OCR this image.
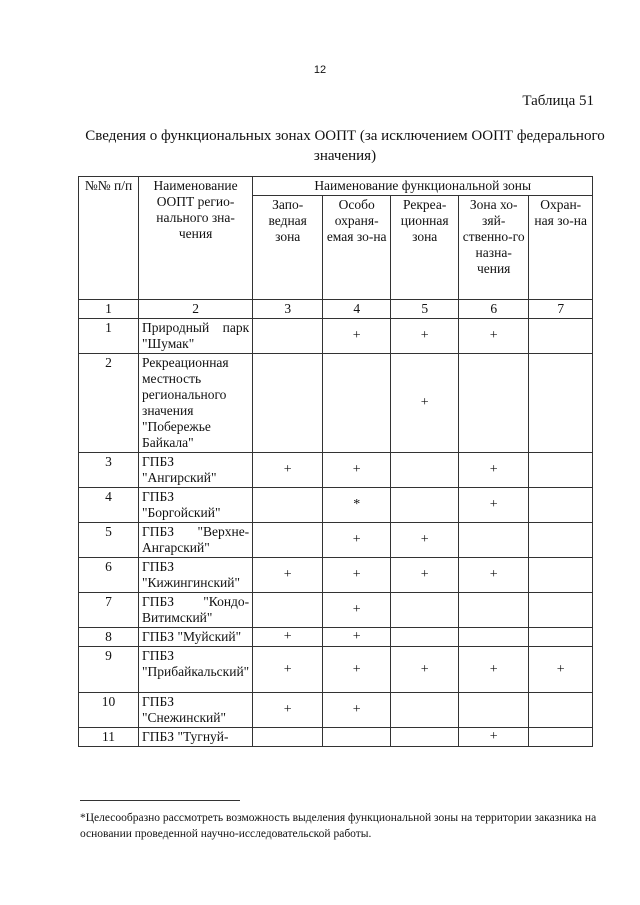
12
Таблица 51
Сведения о функциональных зонах ООПТ (за исключением ООПТ федерального значения)
№№ п/п	Наименование ООПТ регио-нального зна-чения	Наименование функциональной зоны				
		Запо-ведная зона	Особо охраня-емая зо-на	Рекреа-ционная зона	Зона хо-зяй-ственно-го назна-чения	Охран-ная зо-на
1	2	3	4	5	6	7
1	Природный парк "Шумак"		+	+	+	
2	Рекреационная местность регионального значения "Побережье Байкала"			+		
3	ГПБЗ "Ангирский"	+	+		+	
4	ГПБЗ "Боргойский"		*		+	
5	ГПБЗ "Верхне-Ангарский"		+	+		
6	ГПБЗ "Кижингинский"	+	+	+	+	
7	ГПБЗ "Кондо-Витимский"		+			
8	ГПБЗ "Муйский"	+	+			
9	ГПБЗ "Прибайкальский"	+	+	+	+	+
10	ГПБЗ "Снежинский"	+	+			
11	ГПБЗ "Тугнуй-				+	
*Целесообразно рассмотреть возможность выделения функциональной зоны на территории заказника на основании проведенной научно-исследовательской работы.
